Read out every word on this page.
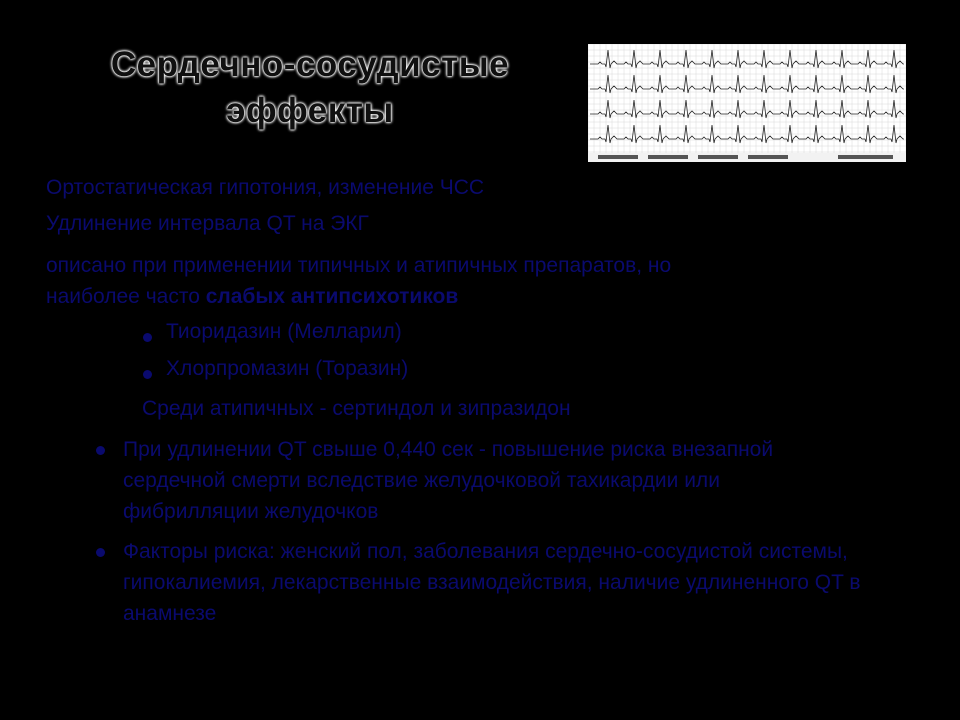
Сердечно-сосудистые
эффекты
Ортостатическая гипотония, изменение ЧСС
Удлинение интервала QT на ЭКГ
описано при применении типичных и атипичных препаратов, но
наиболее часто слабых антипсихотиков
Тиоридазин (Меллaрил)
Хлорпромазин (Торазин)
Среди атипичных - сертиндол и зипразидон
При удлинении QT свыше 0,440 сек - повышение риска внезапной сердечной смерти вследствие желудочковой тахикардии или фибрилляции желудочков
Факторы риска: женский пол, заболевания сердечно-сосудистой системы, гипокалиемия, лекарственные взаимодействия, наличие удлиненного QT в анамнезе
